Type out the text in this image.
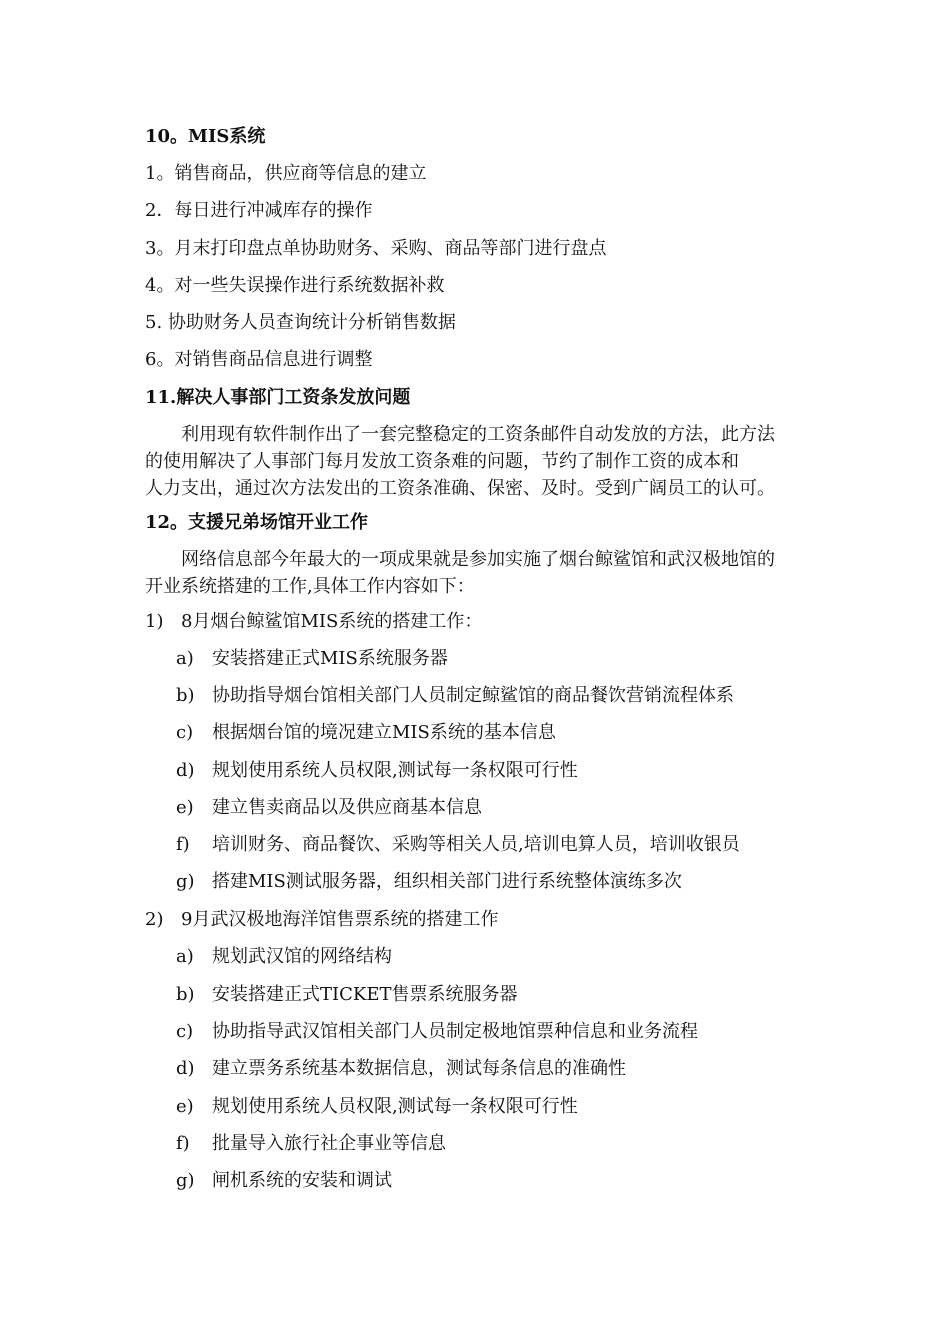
10。MIS系统
1。销售商品，供应商等信息的建立
2．每日进行冲减库存的操作
3。月末打印盘点单协助财务、采购、商品等部门进行盘点
4。对一些失误操作进行系统数据补救
5. 协助财务人员查询统计分析销售数据
6。对销售商品信息进行调整
11.解决人事部门工资条发放问题
利用现有软件制作出了一套完整稳定的工资条邮件自动发放的方法，此方法
的使用解决了人事部门每月发放工资条难的问题，节约了制作工资的成本和
人力支出，通过次方法发出的工资条准确、保密、及时。受到广阔员工的认可。
12。支援兄弟场馆开业工作
网络信息部今年最大的一项成果就是参加实施了烟台鲸鲨馆和武汉极地馆的
开业系统搭建的工作,具体工作内容如下：
1) 8月烟台鲸鲨馆MIS系统的搭建工作：
a) 安装搭建正式MIS系统服务器
b) 协助指导烟台馆相关部门人员制定鲸鲨馆的商品餐饮营销流程体系
c) 根据烟台馆的境况建立MIS系统的基本信息
d) 规划使用系统人员权限,测试每一条权限可行性
e) 建立售卖商品以及供应商基本信息
f) 培训财务、商品餐饮、采购等相关人员,培训电算人员，培训收银员
g) 搭建MIS测试服务器，组织相关部门进行系统整体演练多次
2) 9月武汉极地海洋馆售票系统的搭建工作
a) 规划武汉馆的网络结构
b) 安装搭建正式TICKET售票系统服务器
c) 协助指导武汉馆相关部门人员制定极地馆票种信息和业务流程
d) 建立票务系统基本数据信息，测试每条信息的准确性
e) 规划使用系统人员权限,测试每一条权限可行性
f) 批量导入旅行社企事业等信息
g) 闸机系统的安装和调试
